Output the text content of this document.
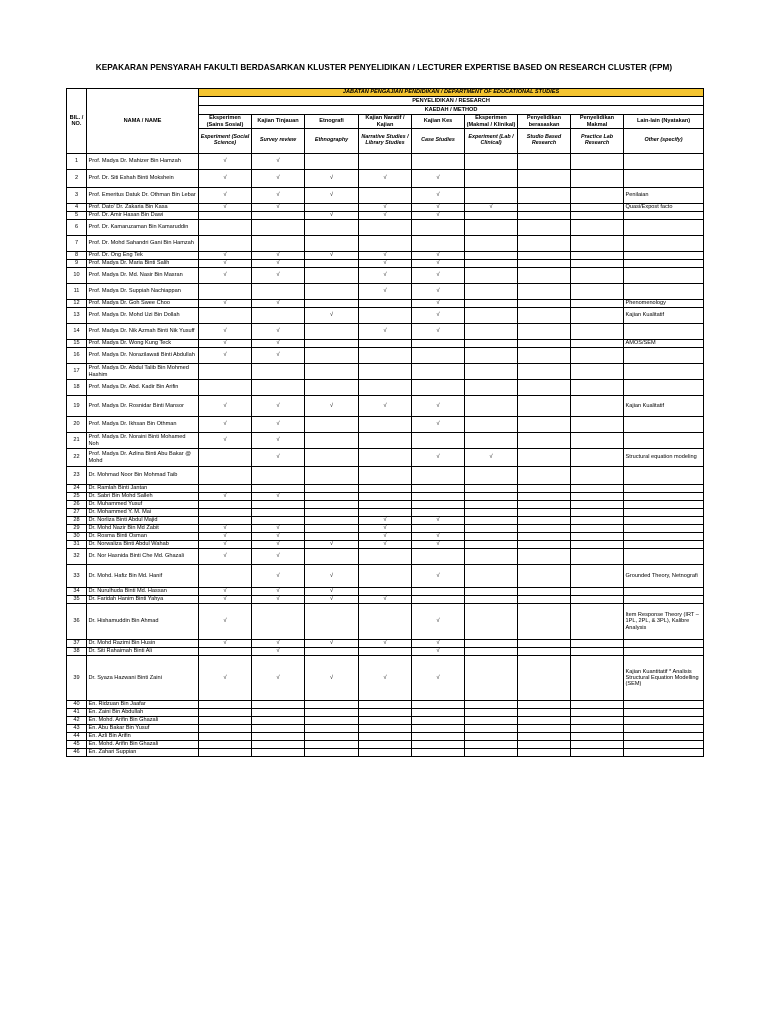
KEPAKARAN PENSYARAH FAKULTI BERDASARKAN KLUSTER PENYELIDIKAN / LECTURER EXPERTISE BASED ON RESEARCH CLUSTER (FPM)
BIL. / NO.	NAMA / NAME	JABATAN PENGAJIAN PENDIDIKAN / DEPARTMENT OF EDUCATIONAL STUDIES								
		PENYELIDIKAN / RESEARCH								
		KAEDAH / METHOD								
		Eksperimen (Sains Sosial)	Kajian Tinjauan	Etnografi	Kajian Naratif / Kajian	Kajian Kes	Eksperimen (Makmal / Klinikal)	Penyelidikan berasaskan	Penyelidikan Makmal	Lain-lain (Nyatakan)
		Experiment (Social Science)	Survey review	Ethnography	Narrative Studies / Library Studies	Case Studies	Experiment (Lab / Clinical)	Studio Based Research	Practice Lab Research	Other (specify)
1	Prof. Madya Dr. Mahizer Bin Hamzah	√	√							
2	Prof. Dr. Siti Eshah Binti Mokshein	√	√	√	√	√				
3	Prof. Emeritus Datuk Dr. Othman Bin Lebar	√	√	√		√				Penilaian
4	Prof. Dato' Dr. Zakaria Bin Kasa	√	√		√	√	√			Quasi/Expost facto
5	Prof. Dr. Amir Hasan Bin Dawi			√	√	√				
6	Prof. Dr. Kamaruzaman Bin Kamaruddin									
7	Prof. Dr. Mohd Sahandri Gani Bin Hamzah									
8	Prof. Dr. Ong Eng Tek	√	√	√	√	√				
9	Prof. Madya Dr. Maria Binti Salih	√	√		√	√				
10	Prof. Madya Dr. Md. Nasir Bin Masran	√	√		√	√				
11	Prof. Madya Dr. Suppiah Nachiappan				√	√				
12	Prof. Madya Dr. Goh Swee Choo	√	√			√				Phenomenology
13	Prof. Madya Dr. Mohd Uzi Bin Dollah			√		√				Kajian Kualitatif
14	Prof. Madya Dr. Nik Azmah Binti Nik Yusuff	√	√		√	√				
15	Prof. Madya Dr. Wong Kung Teck	√	√							AMOS/SEM
16	Prof. Madya Dr. Norazilawati Binti Abdullah	√	√							
17	Prof. Madya Dr. Abdul Talib Bin Mohmed Hashim									
18	Prof. Madya Dr. Abd. Kadir Bin Arifin									
19	Prof. Madya Dr. Rosnidar Binti Mansor	√	√	√	√	√				Kajian Kualitatif
20	Prof. Madya Dr. Ikhsan Bin Othman	√	√			√				
21	Prof. Madya Dr. Noraini Binti Mohamed Noh	√	√							
22	Prof. Madya Dr. Azlina Binti Abu Bakar @ Mohd		√			√	√			Structural equation modeling
23	Dr. Mohmad Noor Bin Mohmad Taib									
24	Dr. Ramlah Binti Jantan									
25	Dr. Sabri Bin Mohd Salleh	√	√							
26	Dr. Muhammed Yusuf									
27	Dr. Mohammed Y. M. Mai									
28	Dr. Norliza Binti Abdul Majid				√	√				
29	Dr. Mohd Nazir Bin Md Zabit	√	√		√					
30	Dr. Rosma Binti Osman	√	√		√	√				
31	Dr. Norwaliza Binti Abdul Wahab	√	√	√	√	√				
32	Dr. Nor Hasnida Binti Che Md. Ghazali	√	√							
33	Dr. Mohd. Hafiz Bin Md. Hanif		√	√		√				Grounded Theory, Netnografi
34	Dr. Nurulhuda Binti Md. Hassan	√	√	√						
35	Dr. Faridah Hanim Binti Yahya	√	√	√	√					
36	Dr. Hishamuddin Bin Ahmad	√				√				Item Response Theory (IRT – 1PL, 2PL, & 3PL), Kalibre Analysis
37	Dr. Mohd Razimi Bin Husin	√	√	√	√	√				
38	Dr. Siti Rahaimah Binti Ali		√			√				
39	Dr. Syaza Hazwani Binti Zaini	√	√	√	√	√				Kajian Kuantitatif * Analisis Structural Equation Modelling (SEM)
40	En. Ridzuan Bin Jaafar									
41	En. Zaini Bin Abdullah									
42	En. Mohd. Arifin Bin Ghazali									
43	En. Abu Bakar Bin Yusuf									
44	En. Azli Bin Arifin									
45	En. Mohd. Arifin Bin Ghazali									
46	En. Zahari Suppian									
